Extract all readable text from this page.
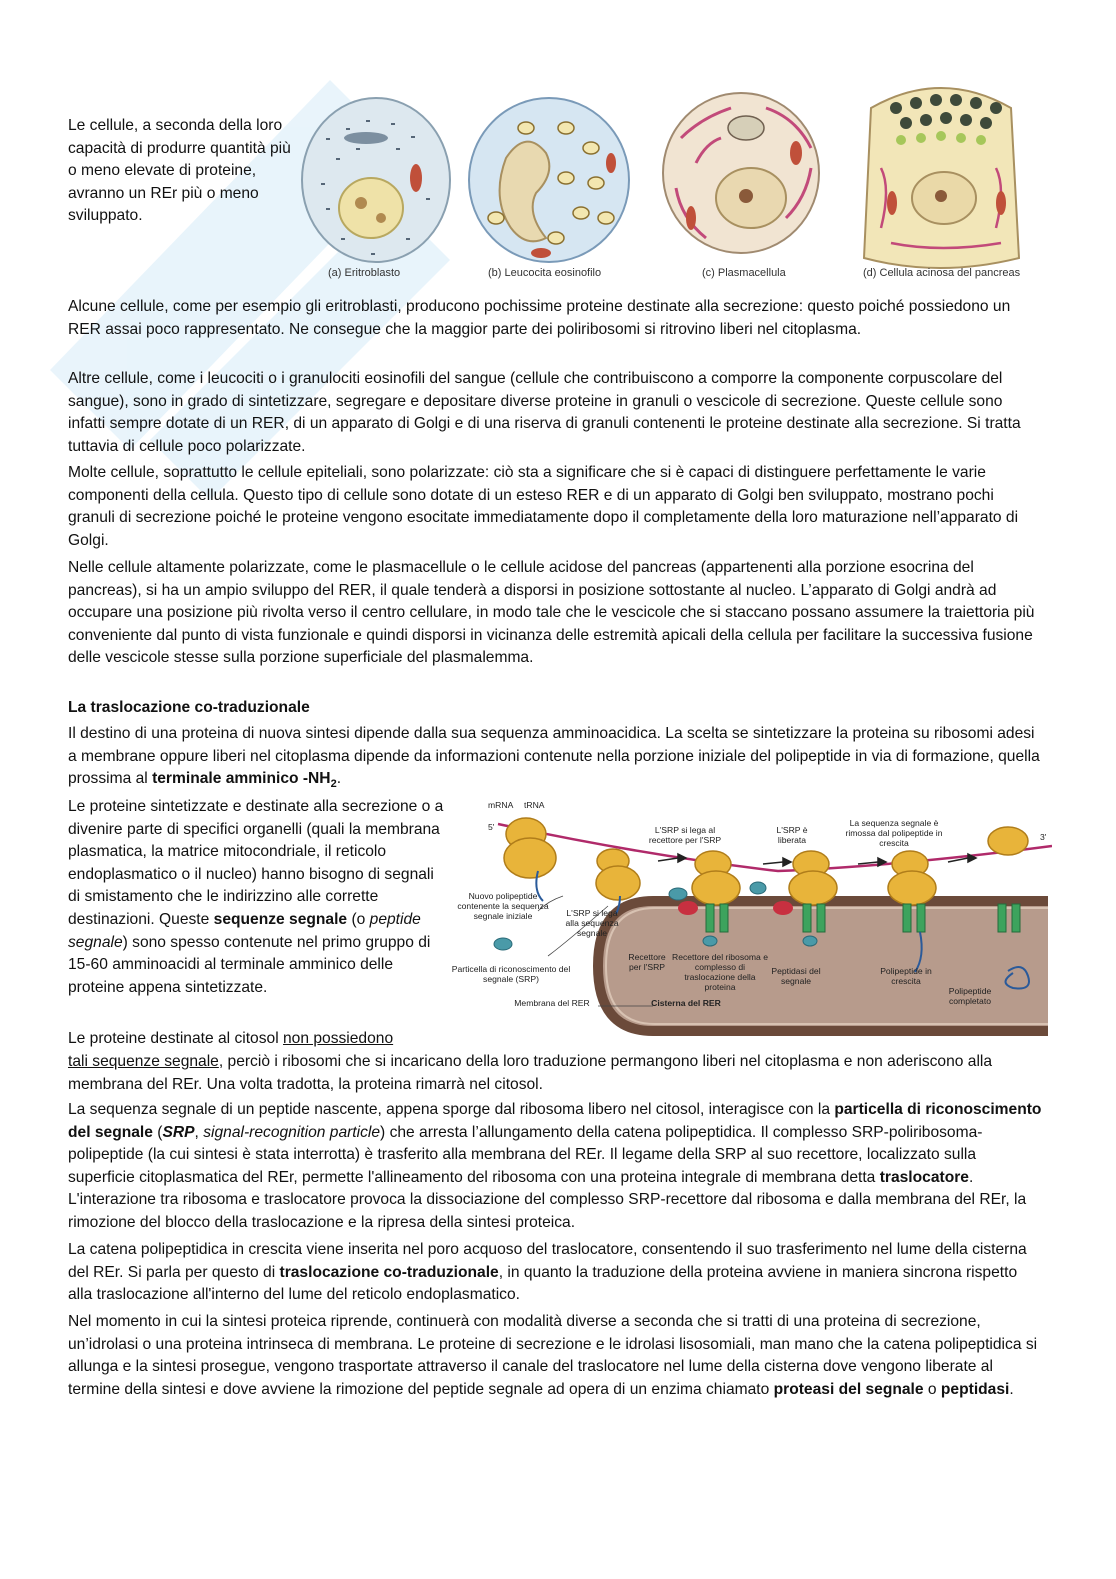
Le cellule, a seconda della loro capacità di produrre quantità più o meno elevate di proteine, avranno un REr più o meno sviluppato.
(a) Eritroblasto	(b) Leucocita eosinofilo	(c) Plasmacellula	(d) Cellula acinosa del pancreas
Alcune cellule, come per esempio gli eritroblasti, producono pochissime proteine destinate alla secrezione: questo poiché possiedono un RER assai poco rappresentato. Ne consegue che la maggior parte dei poliribosomi si ritrovino liberi nel citoplasma.
Altre cellule, come i leucociti o i granulociti eosinofili del sangue (cellule che contribuiscono a comporre la componente corpuscolare del sangue), sono in grado di sintetizzare, segregare e depositare diverse proteine in granuli o vescicole di secrezione. Queste cellule sono infatti sempre dotate di un RER, di un apparato di Golgi e di una riserva di granuli contenenti le proteine destinate alla secrezione. Si tratta tuttavia di cellule poco polarizzate.
Molte cellule, soprattutto le cellule epiteliali, sono polarizzate: ciò sta a significare che si è capaci di distinguere perfettamente le varie componenti della cellula. Questo tipo di cellule sono dotate di un esteso RER e di un apparato di Golgi ben sviluppato, mostrano pochi granuli di secrezione poiché le proteine vengono esocitate immediatamente dopo il completamente della loro maturazione nell’apparato di Golgi.
Nelle cellule altamente polarizzate, come le plasmacellule o le cellule acidose del pancreas (appartenenti alla porzione esocrina del pancreas), si ha un ampio sviluppo del RER, il quale tenderà a disporsi in posizione sottostante al nucleo. L’apparato di Golgi andrà ad occupare una posizione più rivolta verso il centro cellulare, in modo tale che le vescicole che si staccano possano assumere la traiettoria più conveniente dal punto di vista funzionale e quindi disporsi in vicinanza delle estremità apicali della cellula per facilitare la successiva fusione delle vescicole stesse sulla porzione superficiale del plasmalemma.
La traslocazione co-traduzionale
Il destino di una proteina di nuova sintesi dipende dalla sua sequenza amminoacidica. La scelta se sintetizzare la proteina su ribosomi adesi a membrane oppure liberi nel citoplasma dipende da informazioni contenute nella porzione iniziale del polipeptide in via di formazione, quella prossima al terminale amminico $-NH_2$.
Le proteine sintetizzate e destinate alla secrezione o a divenire parte di specifici organelli (quali la membrana plasmatica, la matrice mitocondriale, il reticolo endoplasmatico o il nucleo) hanno bisogno di segnali di smistamento che le indirizzino alle corrette destinazioni. Queste sequenze segnale (o peptide segnale) sono spesso contenute nel primo gruppo di 15-60 amminoacidi al terminale amminico delle proteine appena sintetizzate.
Le proteine destinate al citosol non possiedono
tali sequenze segnale, perciò i ribosomi che si incaricano della loro traduzione permangono liberi nel citoplasma e non aderiscono alla membrana del REr. Una volta tradotta, la proteina rimarrà nel citosol.
mRNA tRNA
5'
3'
L'SRP si lega al recettore per l'SRP
L'SRP è liberata
La sequenza segnale è rimossa dal polipeptide in crescita
Nuovo polipeptide contenente la sequenza segnale iniziale	L'SRP si lega alla sequenza segnale
Particella di riconoscimento del segnale (SRP)
Recettore per l'SRP
Recettore del ribosoma e complesso di traslocazione della proteina
Peptidasi del segnale
Polipeptide in crescita
Polipeptide completato
Membrana del RER	Cisterna del RER
La sequenza segnale di un peptide nascente, appena sporge dal ribosoma libero nel citosol, interagisce con la particella di riconoscimento del segnale (SRP, signal-recognition particle) che arresta l’allungamento della catena polipeptidica. Il complesso SRP-poliribosoma-polipeptide (la cui sintesi è stata interrotta) è trasferito alla membrana del REr. Il legame della SRP al suo recettore, localizzato sulla superficie citoplasmatica del REr, permette l'allineamento del ribosoma con una proteina integrale di membrana detta traslocatore. L'interazione tra ribosoma e traslocatore provoca la dissociazione del complesso SRP-recettore dal ribosoma e dalla membrana del REr, la rimozione del blocco della traslocazione e la ripresa della sintesi proteica.
La catena polipeptidica in crescita viene inserita nel poro acquoso del traslocatore, consentendo il suo trasferimento nel lume della cisterna del REr. Si parla per questo di traslocazione co-traduzionale, in quanto la traduzione della proteina avviene in maniera sincrona rispetto alla traslocazione all'interno del lume del reticolo endoplasmatico.
Nel momento in cui la sintesi proteica riprende, continuerà con modalità diverse a seconda che si tratti di una proteina di secrezione, un’idrolasi o una proteina intrinseca di membrana. Le proteine di secrezione e le idrolasi lisosomiali, man mano che la catena polipeptidica si allunga e la sintesi prosegue, vengono trasportate attraverso il canale del traslocatore nel lume della cisterna dove vengono liberate al termine della sintesi e dove avviene la rimozione del peptide segnale ad opera di un enzima chiamato proteasi del segnale o peptidasi.
